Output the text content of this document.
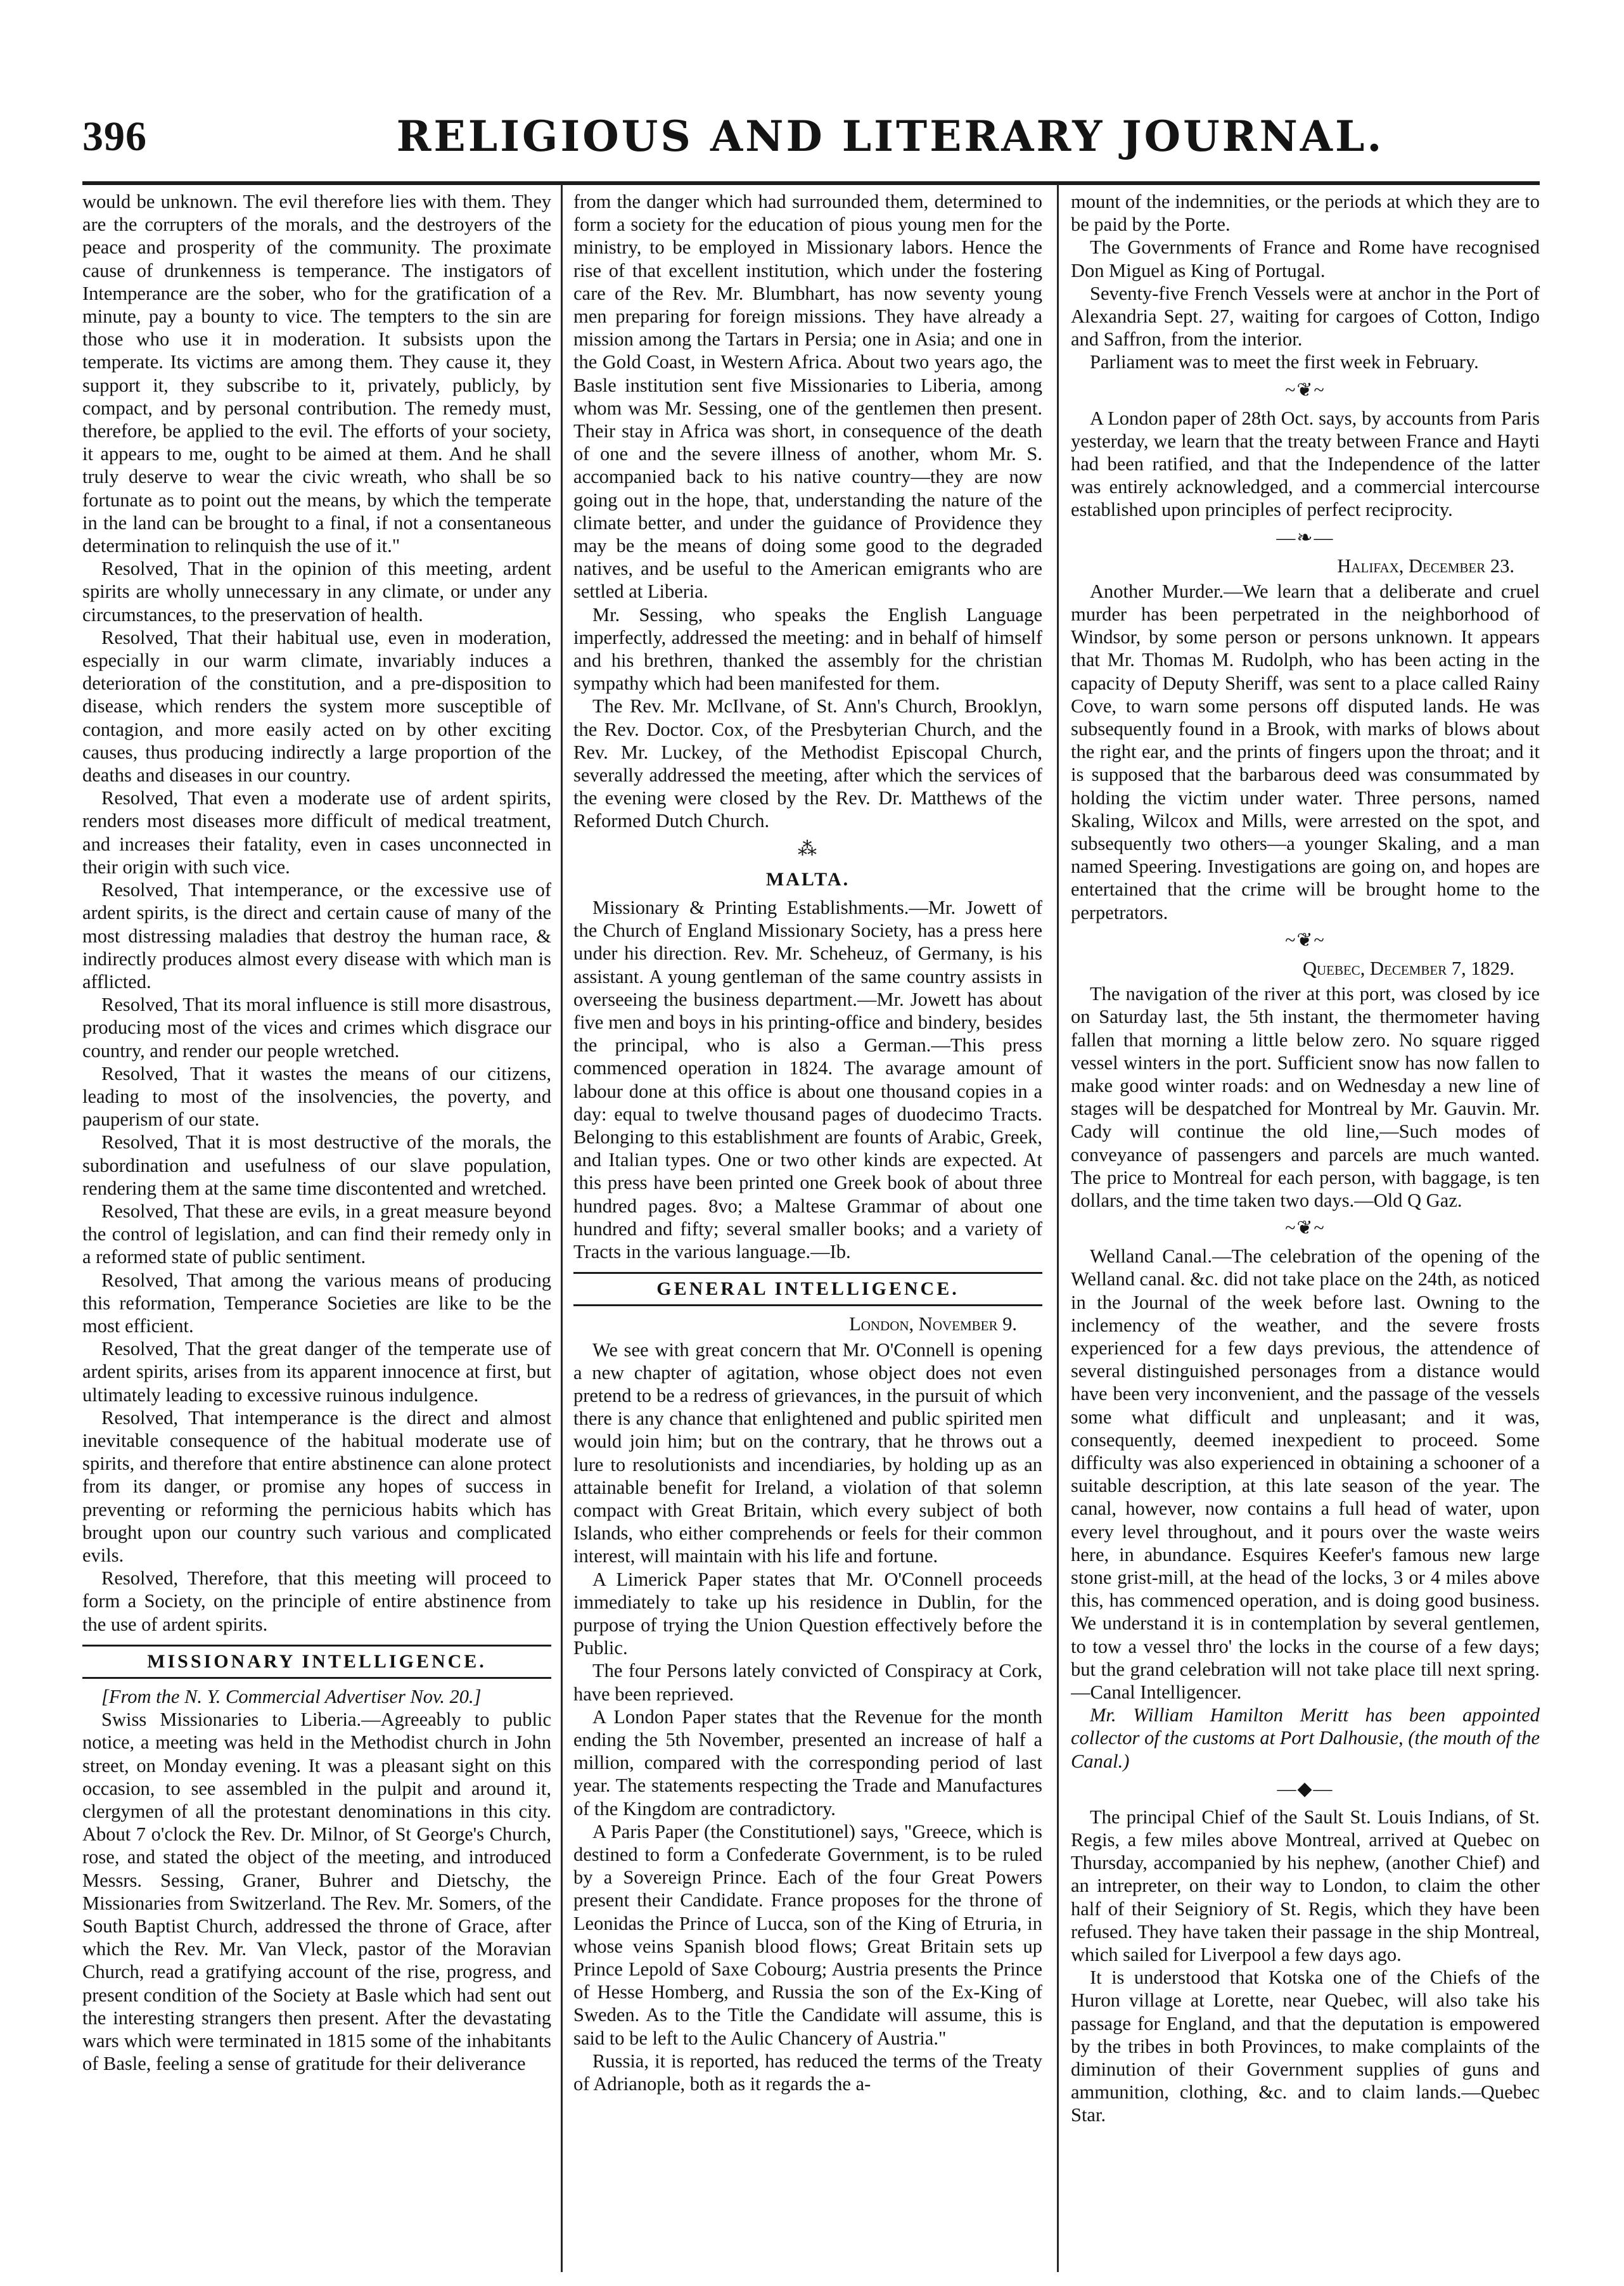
396	RELIGIOUS AND LITERARY JOURNAL.

would be unknown. The evil therefore lies with them. They are the corrupters of the morals, and the destroyers of the peace and prosperity of the community. The proximate cause of drunkenness is temperance. The instigators of Intemperance are the sober, who for the gratification of a minute, pay a bounty to vice. The tempters to the sin are those who use it in moderation. It subsists upon the temperate. Its victims are among them. They cause it, they support it, they subscribe to it, privately, publicly, by compact, and by personal contribution. The remedy must, therefore, be applied to the evil. The efforts of your society, it appears to me, ought to be aimed at them. And he shall truly deserve to wear the civic wreath, who shall be so fortunate as to point out the means, by which the temperate in the land can be brought to a final, if not a consentaneous determination to relinquish the use of it."

Resolved, That in the opinion of this meeting, ardent spirits are wholly unnecessary in any climate, or under any circumstances, to the preservation of health.

Resolved, That their habitual use, even in moderation, especially in our warm climate, invariably induces a deterioration of the constitution, and a pre-disposition to disease, which renders the system more susceptible of contagion, and more easily acted on by other exciting causes, thus producing indirectly a large proportion of the deaths and diseases in our country.

Resolved, That even a moderate use of ardent spirits, renders most diseases more difficult of medical treatment, and increases their fatality, even in cases unconnected in their origin with such vice.

Resolved, That intemperance, or the excessive use of ardent spirits, is the direct and certain cause of many of the most distressing maladies that destroy the human race, & indirectly produces almost every disease with which man is afflicted.

Resolved, That its moral influence is still more disastrous, producing most of the vices and crimes which disgrace our country, and render our people wretched.

Resolved, That it wastes the means of our citizens, leading to most of the insolvencies, the poverty, and pauperism of our state.

Resolved, That it is most destructive of the morals, the subordination and usefulness of our slave population, rendering them at the same time discontented and wretched.

Resolved, That these are evils, in a great measure beyond the control of legislation, and can find their remedy only in a reformed state of public sentiment.

Resolved, That among the various means of producing this reformation, Temperance Societies are like to be the most efficient.

Resolved, That the great danger of the temperate use of ardent spirits, arises from its apparent innocence at first, but ultimately leading to excessive ruinous indulgence.

Resolved, That intemperance is the direct and almost inevitable consequence of the habitual moderate use of spirits, and therefore that entire abstinence can alone protect from its danger, or promise any hopes of success in preventing or reforming the pernicious habits which has brought upon our country such various and complicated evils.

Resolved, Therefore, that this meeting will proceed to form a Society, on the principle of entire abstinence from the use of ardent spirits.

MISSIONARY INTELLIGENCE.

[From the N. Y. Commercial Advertiser Nov. 20.]

Swiss Missionaries to Liberia.—Agreeably to public notice, a meeting was held in the Methodist church in John street, on Monday evening. It was a pleasant sight on this occasion, to see assembled in the pulpit and around it, clergymen of all the protestant denominations in this city. About 7 o'clock the Rev. Dr. Milnor, of St George's Church, rose, and stated the object of the meeting, and introduced Messrs. Sessing, Graner, Buhrer and Dietschy, the Missionaries from Switzerland. The Rev. Mr. Somers, of the South Baptist Church, addressed the throne of Grace, after which the Rev. Mr. Van Vleck, pastor of the Moravian Church, read a gratifying account of the rise, progress, and present condition of the Society at Basle which had sent out the interesting strangers then present. After the devastating wars which were terminated in 1815 some of the inhabitants of Basle, feeling a sense of gratitude for their deliverance

from the danger which had surrounded them, determined to form a society for the education of pious young men for the ministry, to be employed in Missionary labors. Hence the rise of that excellent institution, which under the fostering care of the Rev. Mr. Blumbhart, has now seventy young men preparing for foreign missions. They have already a mission among the Tartars in Persia; one in Asia; and one in the Gold Coast, in Western Africa. About two years ago, the Basle institution sent five Missionaries to Liberia, among whom was Mr. Sessing, one of the gentlemen then present. Their stay in Africa was short, in consequence of the death of one and the severe illness of another, whom Mr. S. accompanied back to his native country—they are now going out in the hope, that, understanding the nature of the climate better, and under the guidance of Providence they may be the means of doing some good to the degraded natives, and be useful to the American emigrants who are settled at Liberia.

Mr. Sessing, who speaks the English Language imperfectly, addressed the meeting: and in behalf of himself and his brethren, thanked the assembly for the christian sympathy which had been manifested for them.

The Rev. Mr. McIlvane, of St. Ann's Church, Brooklyn, the Rev. Doctor. Cox, of the Presbyterian Church, and the Rev. Mr. Luckey, of the Methodist Episcopal Church, severally addressed the meeting, after which the services of the evening were closed by the Rev. Dr. Matthews of the Reformed Dutch Church.

⁂
MALTA.

Missionary & Printing Establishments.—Mr. Jowett of the Church of England Missionary Society, has a press here under his direction. Rev. Mr. Scheheuz, of Germany, is his assistant. A young gentleman of the same country assists in overseeing the business department.—Mr. Jowett has about five men and boys in his printing-office and bindery, besides the principal, who is also a German.—This press commenced operation in 1824. The avarage amount of labour done at this office is about one thousand copies in a day: equal to twelve thousand pages of duodecimo Tracts. Belonging to this establishment are founts of Arabic, Greek, and Italian types. One or two other kinds are expected. At this press have been printed one Greek book of about three hundred pages. 8vo; a Maltese Grammar of about one hundred and fifty; several smaller books; and a variety of Tracts in the various language.—Ib.

GENERAL INTELLIGENCE.

London, November 9.

We see with great concern that Mr. O'Connell is opening a new chapter of agitation, whose object does not even pretend to be a redress of grievances, in the pursuit of which there is any chance that enlightened and public spirited men would join him; but on the contrary, that he throws out a lure to resolutionists and incendiaries, by holding up as an attainable benefit for Ireland, a violation of that solemn compact with Great Britain, which every subject of both Islands, who either comprehends or feels for their common interest, will maintain with his life and fortune.

A Limerick Paper states that Mr. O'Connell proceeds immediately to take up his residence in Dublin, for the purpose of trying the Union Question effectively before the Public.

The four Persons lately convicted of Conspiracy at Cork, have been reprieved.

A London Paper states that the Revenue for the month ending the 5th November, presented an increase of half a million, compared with the corresponding period of last year. The statements respecting the Trade and Manufactures of the Kingdom are contradictory.

A Paris Paper (the Constitutionel) says, "Greece, which is destined to form a Confederate Government, is to be ruled by a Sovereign Prince. Each of the four Great Powers present their Candidate. France proposes for the throne of Leonidas the Prince of Lucca, son of the King of Etruria, in whose veins Spanish blood flows; Great Britain sets up Prince Lepold of Saxe Cobourg; Austria presents the Prince of Hesse Homberg, and Russia the son of the Ex-King of Sweden. As to the Title the Candidate will assume, this is said to be left to the Aulic Chancery of Austria."

Russia, it is reported, has reduced the terms of the Treaty of Adrianople, both as it regards the a-

mount of the indemnities, or the periods at which they are to be paid by the Porte.

The Governments of France and Rome have recognised Don Miguel as King of Portugal.

Seventy-five French Vessels were at anchor in the Port of Alexandria Sept. 27, waiting for cargoes of Cotton, Indigo and Saffron, from the interior.

Parliament was to meet the first week in February.

~❦~

A London paper of 28th Oct. says, by accounts from Paris yesterday, we learn that the treaty between France and Hayti had been ratified, and that the Independence of the latter was entirely acknowledged, and a commercial intercourse established upon principles of perfect reciprocity.

—❧—

Halifax, December 23.

Another Murder.—We learn that a deliberate and cruel murder has been perpetrated in the neighborhood of Windsor, by some person or persons unknown. It appears that Mr. Thomas M. Rudolph, who has been acting in the capacity of Deputy Sheriff, was sent to a place called Rainy Cove, to warn some persons off disputed lands. He was subsequently found in a Brook, with marks of blows about the right ear, and the prints of fingers upon the throat; and it is supposed that the barbarous deed was consummated by holding the victim under water. Three persons, named Skaling, Wilcox and Mills, were arrested on the spot, and subsequently two others—a younger Skaling, and a man named Speering. Investigations are going on, and hopes are entertained that the crime will be brought home to the perpetrators.

~❦~

Quebec, December 7, 1829.

The navigation of the river at this port, was closed by ice on Saturday last, the 5th instant, the thermometer having fallen that morning a little below zero. No square rigged vessel winters in the port. Sufficient snow has now fallen to make good winter roads: and on Wednesday a new line of stages will be despatched for Montreal by Mr. Gauvin. Mr. Cady will continue the old line,—Such modes of conveyance of passengers and parcels are much wanted. The price to Montreal for each person, with baggage, is ten dollars, and the time taken two days.—Old Q Gaz.

~❦~

Welland Canal.—The celebration of the opening of the Welland canal. &c. did not take place on the 24th, as noticed in the Journal of the week before last. Owning to the inclemency of the weather, and the severe frosts experienced for a few days previous, the attendence of several distinguished personages from a distance would have been very inconvenient, and the passage of the vessels some what difficult and unpleasant; and it was, consequently, deemed inexpedient to proceed. Some difficulty was also experienced in obtaining a schooner of a suitable description, at this late season of the year. The canal, however, now contains a full head of water, upon every level throughout, and it pours over the waste weirs here, in abundance. Esquires Keefer's famous new large stone grist-mill, at the head of the locks, 3 or 4 miles above this, has commenced operation, and is doing good business. We understand it is in contemplation by several gentlemen, to tow a vessel thro' the locks in the course of a few days; but the grand celebration will not take place till next spring.—Canal Intelligencer.

Mr. William Hamilton Meritt has been appointed collector of the customs at Port Dalhousie, (the mouth of the Canal.)

—◆—

The principal Chief of the Sault St. Louis Indians, of St. Regis, a few miles above Montreal, arrived at Quebec on Thursday, accompanied by his nephew, (another Chief) and an intrepreter, on their way to London, to claim the other half of their Seigniory of St. Regis, which they have been refused. They have taken their passage in the ship Montreal, which sailed for Liverpool a few days ago.

It is understood that Kotska one of the Chiefs of the Huron village at Lorette, near Quebec, will also take his passage for England, and that the deputation is empowered by the tribes in both Provinces, to make complaints of the diminution of their Government supplies of guns and ammunition, clothing, &c. and to claim lands.—Quebec Star.
